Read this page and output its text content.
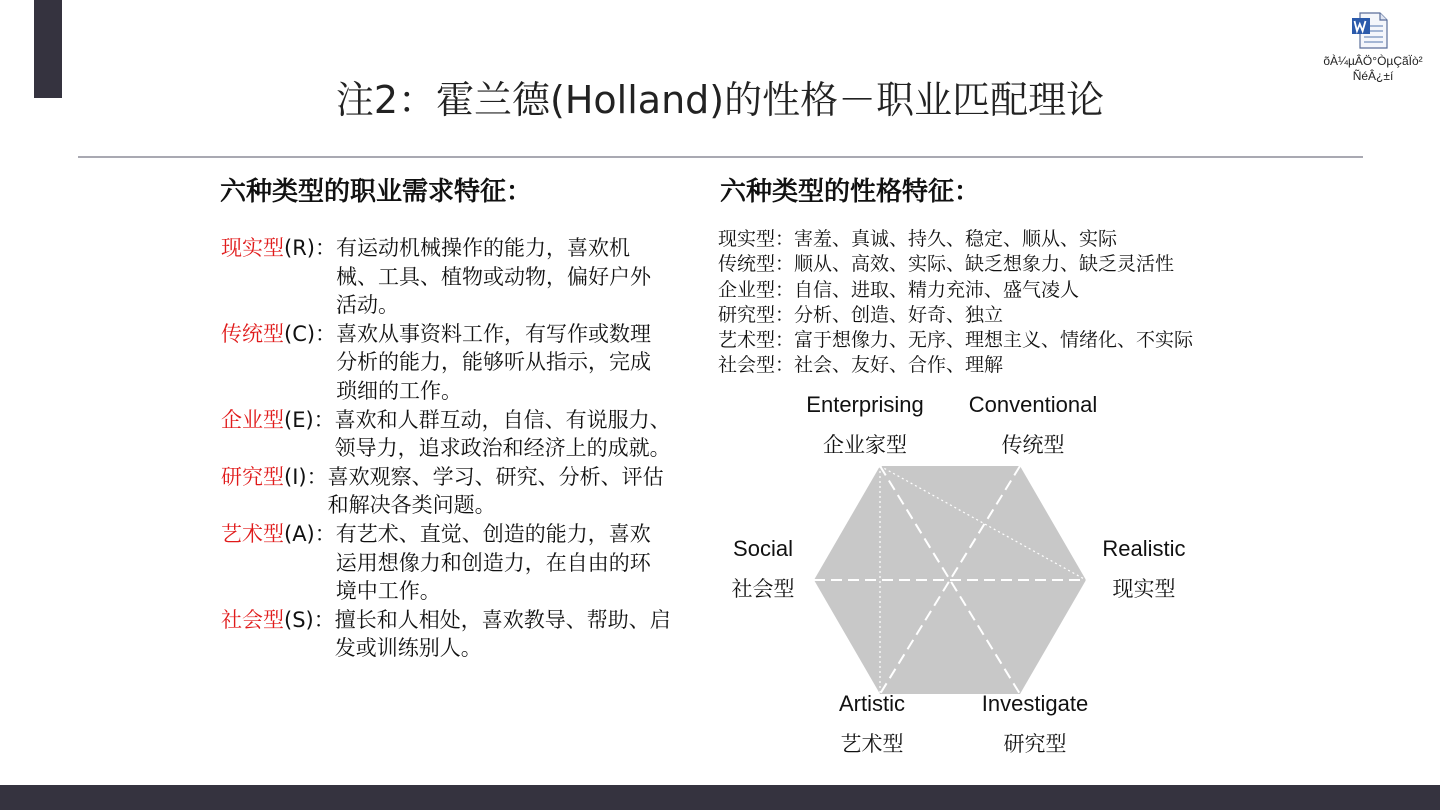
õÀ¼µÂÖ°ÒµÇãÏò²
ÑéÂ¿±í
注2：霍兰德(Holland)的性格－职业匹配理论
六种类型的职业需求特征：	六种类型的性格特征：
现实型(R)： 有运动机械操作的能力，喜欢机械、工具、植物或动物，偏好户外活动。
传统型(C)： 喜欢从事资料工作，有写作或数理分析的能力，能够听从指示，完成琐细的工作。
企业型(E)： 喜欢和人群互动，自信、有说服力、领导力，追求政治和经济上的成就。
研究型(I)： 喜欢观察、学习、研究、分析、评估和解决各类问题。
艺术型(A)： 有艺术、直觉、创造的能力，喜欢运用想像力和创造力，在自由的环境中工作。
社会型(S)： 擅长和人相处，喜欢教导、帮助、启发或训练别人。
现实型：害羞、真诚、持久、稳定、顺从、实际
传统型：顺从、高效、实际、缺乏想象力、缺乏灵活性
企业型：自信、进取、精力充沛、盛气凌人
研究型：分析、创造、好奇、独立
艺术型：富于想像力、无序、理想主义、情绪化、不实际
社会型：社会、友好、合作、理解
Enterprising
企业家型
Conventional
传统型
Social
社会型
Realistic
现实型
Artistic
艺术型
Investigate
研究型
